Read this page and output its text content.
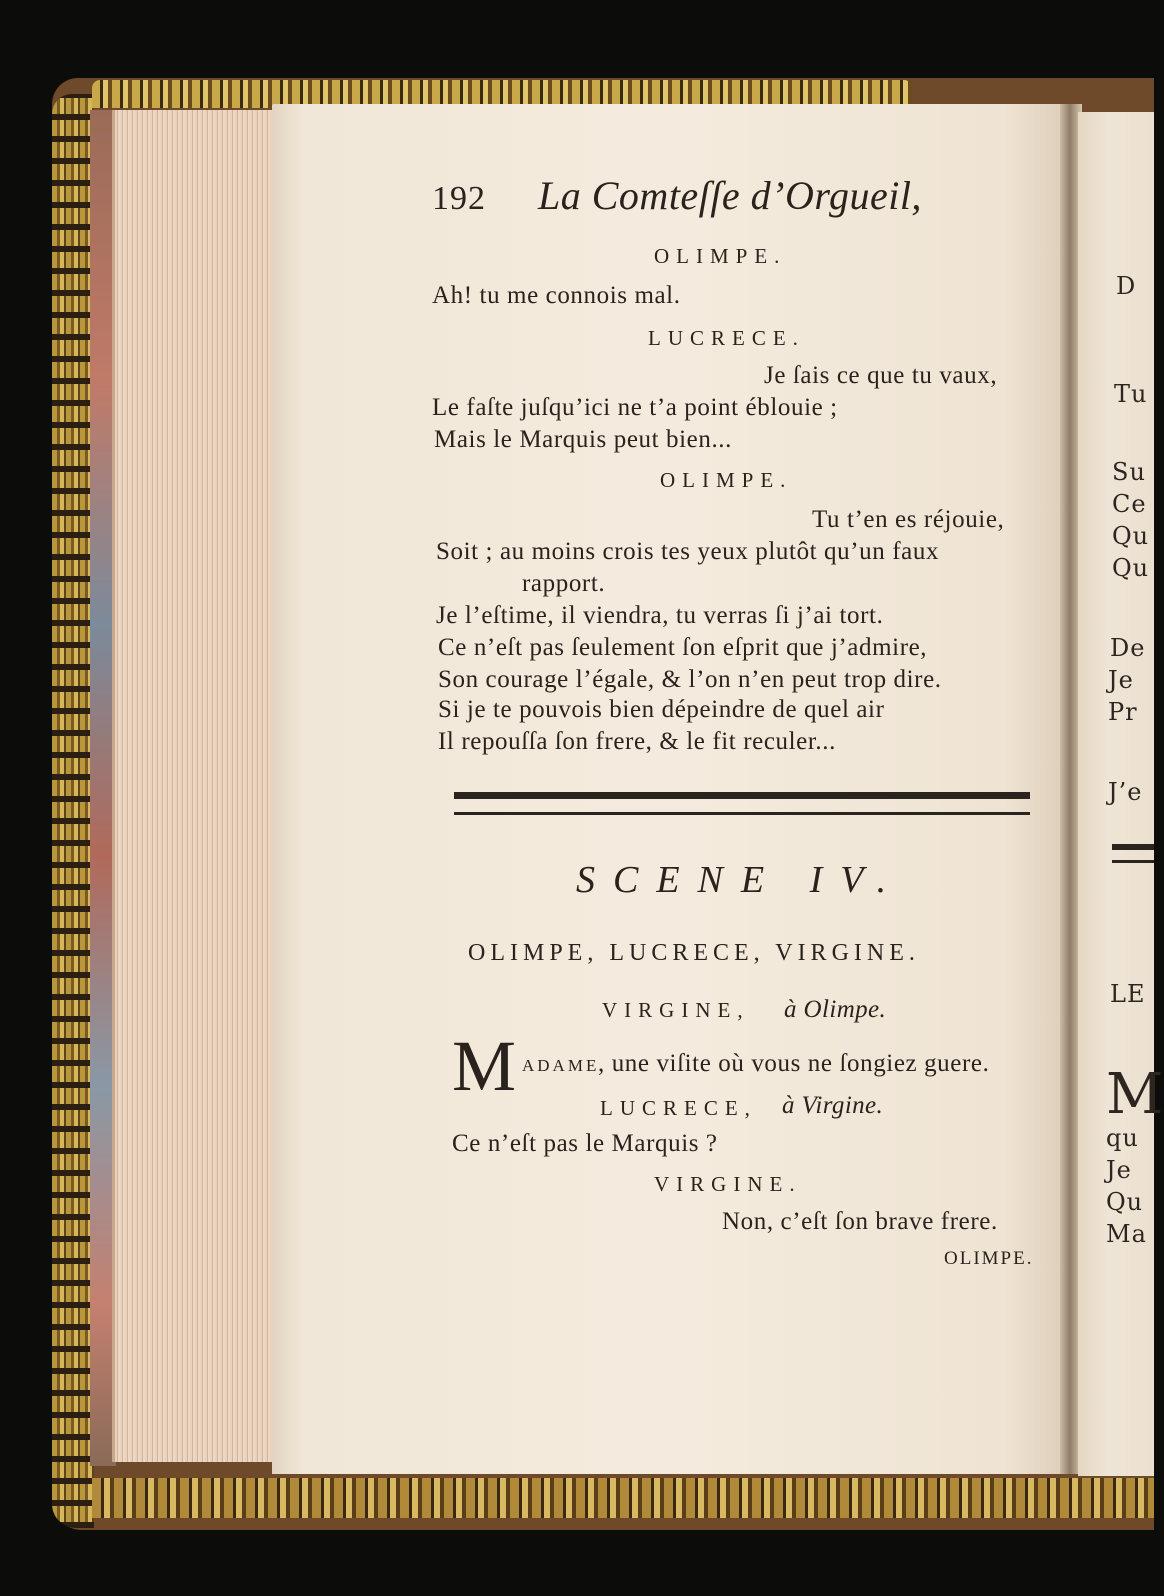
D
Tu
Su
Ce
Qu
Qu
De
Je
Pr
J’e
LE
M
qu
Je
Qu
Ma
192 La Comteſſe d’Orgueil,
OLIMPE.
Ah! tu me connois mal.
LUCRECE.
Je ſais ce que tu vaux,
Le faſte juſqu’ici ne t’a point éblouie ;
Mais le Marquis peut bien...
OLIMPE.
Tu t’en es réjouie,
Soit ; au moins crois tes yeux plutôt qu’un faux
rapport.
Je l’eſtime, il viendra, tu verras ſi j’ai tort.
Ce n’eſt pas ſeulement ſon eſprit que j’admire,
Son courage l’égale, & l’on n’en peut trop dire.
Si je te pouvois bien dépeindre de quel air
Il repouſſa ſon frere, & le fit reculer...
SCENE IV.
OLIMPE, LUCRECE, VIRGINE.
VIRGINE, à Olimpe.
M ADAME
, une viſite où vous ne ſongiez guere.
LUCRECE, à Virgine.
Ce n’eſt pas le Marquis ?
VIRGINE.
Non, c’eſt ſon brave frere.
OLIMPE.
